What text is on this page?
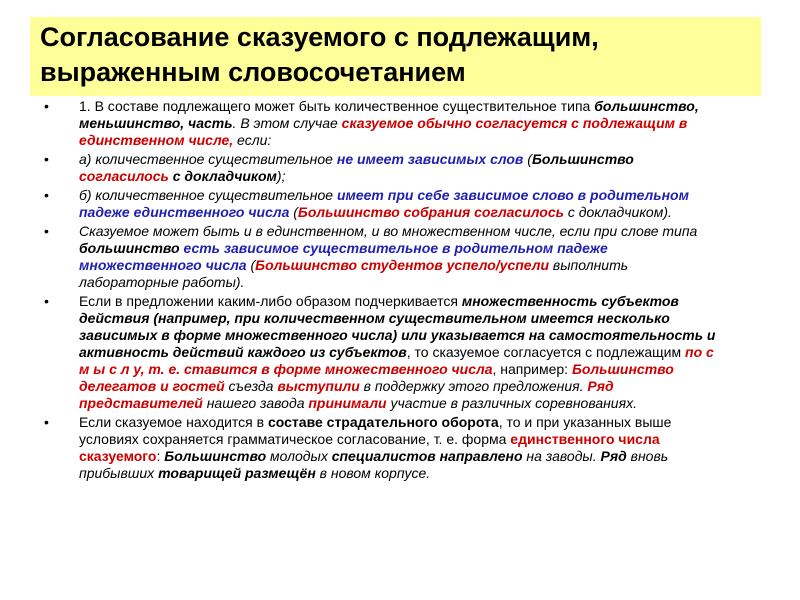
Согласование сказуемого с подлежащим,
выраженным словосочетанием
• 1. В составе подлежащего может быть количественное существительное типа большинство, меньшинство, часть. В этом случае сказуемое обычно согласуется с подлежащим в единственном числе, если:
• а) количественное существительное не имеет зависимых слов (Большинство согласилось с докладчиком);
• б) количественное существительное имеет при себе зависимое слово в родительном падеже единственного числа (Большинство собрания согласилось с докладчиком).
• Сказуемое может быть и в единственном, и во множественном числе, если при слове типа большинство есть зависимое существительное в родительном падеже множественного числа (Большинство студентов успело/успели выполнить лабораторные работы).
• Если в предложении каким-либо образом подчеркивается множественность субъектов действия (например, при количественном существительном имеется несколько зависимых в форме множественного числа) или указывается на самостоятельность и активность действий каждого из субъектов, то сказуемое согласуется с подлежащим по с м ы с л у, т. е. ставится в форме множественного числа, например: Большинство делегатов и гостей съезда выступили в поддержку этого предложения. Ряд представителей нашего завода принимали участие в различных соревнованиях.
• Если сказуемое находится в составе страдательного оборота, то и при указанных выше условиях сохраняется грамматическое согласование, т. е. форма единственного числа сказуемого: Большинство молодых специалистов направлено на заводы. Ряд вновь прибывших товарищей размещён в новом корпусе.
